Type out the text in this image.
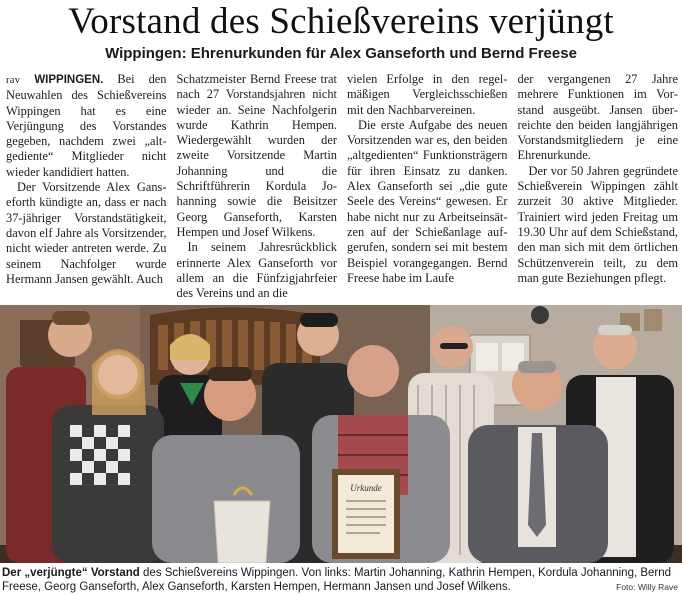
Vorstand des Schießvereins verjüngt
Wippingen: Ehrenurkunden für Alex Ganseforth und Bernd Freese

rav WIPPINGEN. Bei den Neuwahlen des Schießvereins Wippingen hat es eine Verjüngung des Vorstandes gegeben, nachdem zwei „altgediente“ Mitglieder nicht wieder kandidiert hatten.

Der Vorsitzende Alex Ganseforth kündigte an, dass er nach 37-jähriger Vorstandstätigkeit, davon elf Jahre als Vorsitzender, nicht wieder antreten werde. Zu seinem Nachfolger wurde Hermann Jansen gewählt. Auch

Schatzmeister Bernd Freese trat nach 27 Vorstandsjahren nicht wieder an. Seine Nachfolgerin wurde Kathrin Hempen. Wiedergewählt wurden der zweite Vorsitzende Martin Johanning und die Schriftführerin Kordula Johanning sowie die Beisitzer Georg Ganseforth, Karsten Hempen und Josef Wilkens.

In seinem Jahresrückblick erinnerte Alex Ganseforth vor allem an die Fünfzigjahrfeier des Vereins und an die

vielen Erfolge in den regelmäßigen Vergleichsschießen mit den Nachbarvereinen.

Die erste Aufgabe des neuen Vorsitzenden war es, den beiden „altgedienten“ Funktionsträgern für ihren Einsatz zu danken. Alex Ganseforth sei „die gute Seele des Vereins“ gewesen. Er habe nicht nur zu Arbeitseinsätzen auf der Schießanlage aufgerufen, sondern sei mit bestem Beispiel vorangegangen. Bernd Freese habe im Laufe

der vergangenen 27 Jahre mehrere Funktionen im Vorstand ausgeübt. Jansen überreichte den beiden langjährigen Vorstandsmitgliedern je eine Ehrenurkunde.

Der vor 50 Jahren gegründete Schießverein Wippingen zählt zurzeit 30 aktive Mitglieder. Trainiert wird jeden Freitag um 19.30 Uhr auf dem Schießstand, den man sich mit dem örtlichen Schützenverein teilt, zu dem man gute Beziehungen pflegt.

Urkunde
Der „verjüngte“ Vorstand des Schießvereins Wippingen. Von links: Martin Johanning, Kathrin Hempen, Kordula Johanning, Bernd Freese, Georg Ganseforth, Alex Ganseforth, Karsten Hempen, Hermann Jansen und Josef Wilkens.	Foto: Willy Rave
